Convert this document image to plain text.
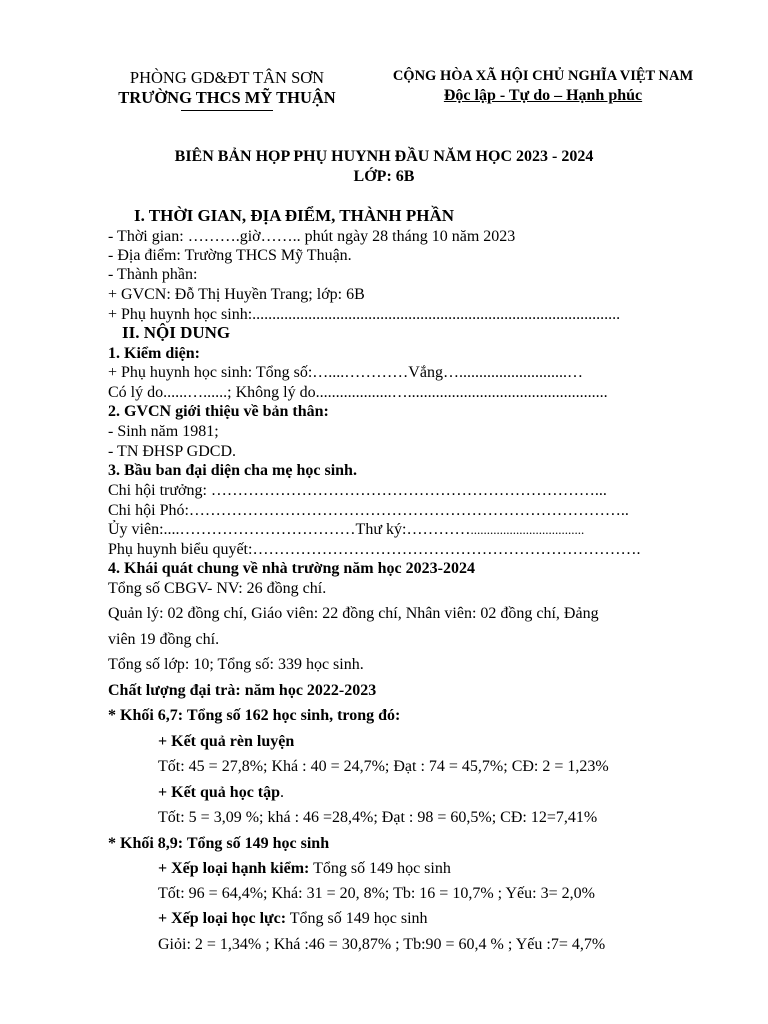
PHÒNG GD&ĐT TÂN SƠN
TRƯỜNG THCS MỸ THUẬN
CỘNG HÒA XÃ HỘI CHỦ NGHĨA VIỆT NAM
Độc lập - Tự do – Hạnh phúc
BIÊN BẢN HỌP PHỤ HUYNH ĐẦU NĂM HỌC 2023 - 2024
LỚP: 6B
I. THỜI GIAN, ĐỊA ĐIỂM, THÀNH PHẦN
- Thời gian: ……….giờ…….. phút ngày 28 tháng 10 năm 2023
- Địa điểm: Trường THCS Mỹ Thuận.
- Thành phần:
+ GVCN: Đỗ Thị Huyền Trang; lớp: 6B
+ Phụ huynh học sinh:............................................................................................
II. NỘI DUNG
1. Kiểm diện:
+ Phụ huynh học sinh: Tổng số:…....…………Vắng…...........................…
Có lý do......…......; Không lý do...................…..................................................
2. GVCN giới thiệu về bản thân:
- Sinh năm 1981;
- TN ĐHSP GDCD.
3. Bầu ban đại diện cha mẹ học sinh.
Chi hội trưởng: ………………………………………………………………...
Chi hội Phó:………………………………………………………………………..
Ủy viên:....……………………………Thư ký:…………...................................
Phụ huynh biểu quyết:……………………………………………………………….
4. Khái quát chung về nhà trường năm học 2023-2024
Tổng số CBGV- NV: 26 đồng chí.
Quản lý: 02 đồng chí, Giáo viên: 22 đồng chí, Nhân viên: 02 đồng chí, Đảng
viên 19 đồng chí.
Tổng số lớp: 10; Tổng số: 339 học sinh.
Chất lượng đại trà: năm học 2022-2023
* Khối 6,7: Tổng số 162 học sinh, trong đó:
+ Kết quả rèn luyện
Tốt: 45 = 27,8%; Khá : 40 = 24,7%; Đạt : 74 = 45,7%; CĐ: 2 = 1,23%
+ Kết quả học tập.
Tốt: 5 = 3,09 %; khá : 46 =28,4%; Đạt : 98 = 60,5%; CĐ: 12=7,41%
* Khối 8,9: Tổng số 149 học sinh
+ Xếp loại hạnh kiểm: Tổng số 149 học sinh
Tốt: 96 = 64,4%; Khá: 31 = 20, 8%; Tb: 16 = 10,7% ; Yếu: 3= 2,0%
+ Xếp loại học lực: Tổng số 149 học sinh
Giỏi: 2 = 1,34% ; Khá :46 = 30,87% ; Tb:90 = 60,4 % ; Yếu :7= 4,7%
